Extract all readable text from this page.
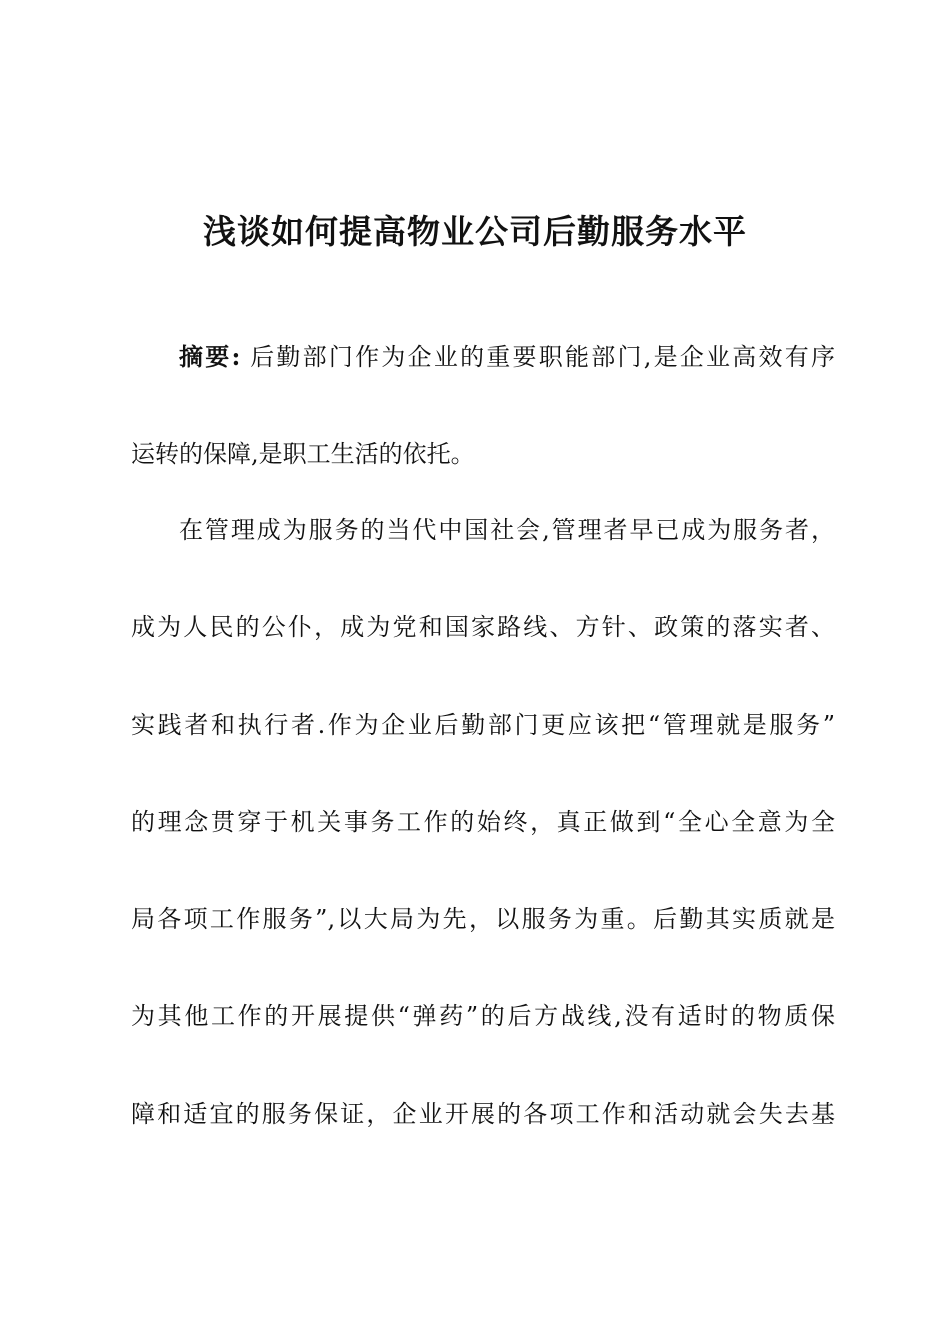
浅谈如何提高物业公司后勤服务水平
摘要: 后勤部门作为企业的重要职能部门,是企业高效有序
运转的保障,是职工生活的依托。
在管理成为服务的当代中国社会,管理者早已成为服务者，
成为人民的公仆，成为党和国家路线、方针、政策的落实者、
实践者和执行者.作为企业后勤部门更应该把“管理就是服务”
的理念贯穿于机关事务工作的始终，真正做到“全心全意为全
局各项工作服务”,以大局为先，以服务为重。后勤其实质就是
为其他工作的开展提供“弹药”的后方战线,没有适时的物质保
障和适宜的服务保证，企业开展的各项工作和活动就会失去基
